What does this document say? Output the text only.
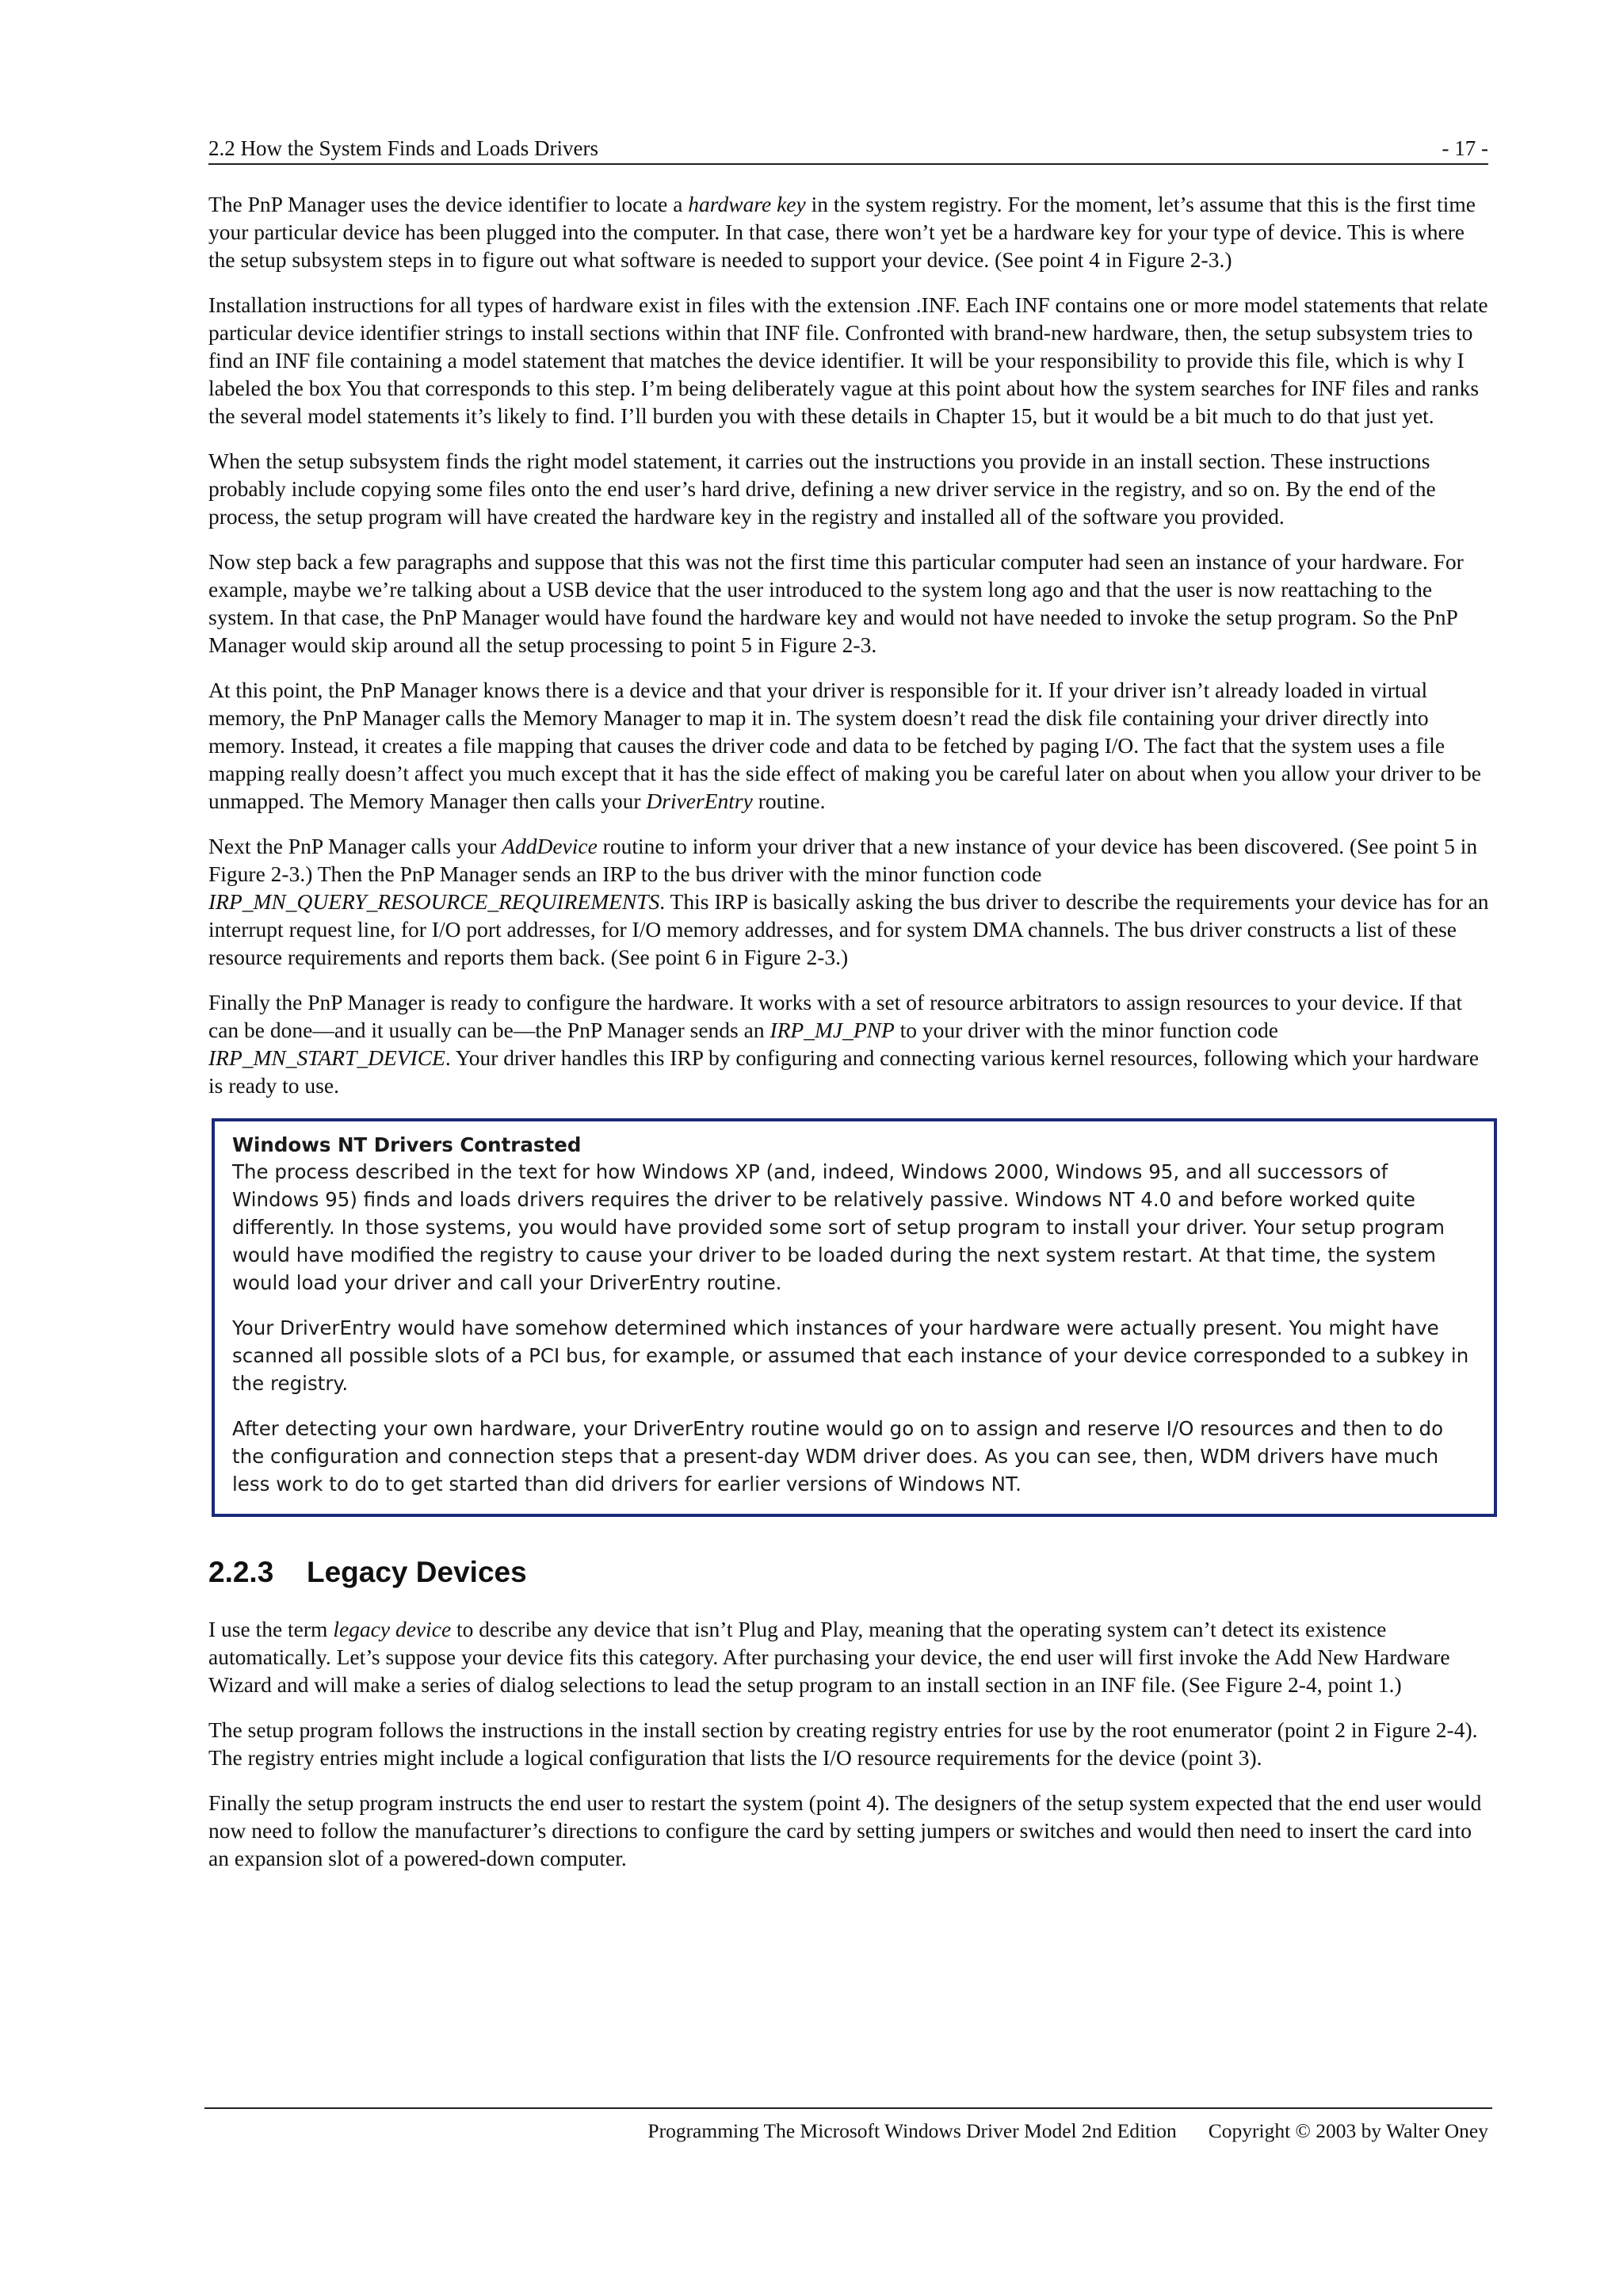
2.2 How the System Finds and Loads Drivers	- 17 -

The PnP Manager uses the device identifier to locate a hardware key in the system registry. For the moment, let’s assume that this is the first time your particular device has been plugged into the computer. In that case, there won’t yet be a hardware key for your type of device. This is where the setup subsystem steps in to figure out what software is needed to support your device. (See point 4 in Figure 2-3.)

Installation instructions for all types of hardware exist in files with the extension .INF. Each INF contains one or more model statements that relate particular device identifier strings to install sections within that INF file. Confronted with brand-new hardware, then, the setup subsystem tries to find an INF file containing a model statement that matches the device identifier. It will be your responsibility to provide this file, which is why I labeled the box You that corresponds to this step. I’m being deliberately vague at this point about how the system searches for INF files and ranks the several model statements it’s likely to find. I’ll burden you with these details in Chapter 15, but it would be a bit much to do that just yet.

When the setup subsystem finds the right model statement, it carries out the instructions you provide in an install section. These instructions probably include copying some files onto the end user’s hard drive, defining a new driver service in the registry, and so on. By the end of the process, the setup program will have created the hardware key in the registry and installed all of the software you provided.

Now step back a few paragraphs and suppose that this was not the first time this particular computer had seen an instance of your hardware. For example, maybe we’re talking about a USB device that the user introduced to the system long ago and that the user is now reattaching to the system. In that case, the PnP Manager would have found the hardware key and would not have needed to invoke the setup program. So the PnP Manager would skip around all the setup processing to point 5 in Figure 2-3.

At this point, the PnP Manager knows there is a device and that your driver is responsible for it. If your driver isn’t already loaded in virtual memory, the PnP Manager calls the Memory Manager to map it in. The system doesn’t read the disk file containing your driver directly into memory. Instead, it creates a file mapping that causes the driver code and data to be fetched by paging I/O. The fact that the system uses a file mapping really doesn’t affect you much except that it has the side effect of making you be careful later on about when you allow your driver to be unmapped. The Memory Manager then calls your DriverEntry routine.

Next the PnP Manager calls your AddDevice routine to inform your driver that a new instance of your device has been discovered. (See point 5 in Figure 2-3.) Then the PnP Manager sends an IRP to the bus driver with the minor function code IRP_MN_QUERY_RESOURCE_REQUIREMENTS. This IRP is basically asking the bus driver to describe the requirements your device has for an interrupt request line, for I/O port addresses, for I/O memory addresses, and for system DMA channels. The bus driver constructs a list of these resource requirements and reports them back. (See point 6 in Figure 2-3.)

Finally the PnP Manager is ready to configure the hardware. It works with a set of resource arbitrators to assign resources to your device. If that can be done—and it usually can be—the PnP Manager sends an IRP_MJ_PNP to your driver with the minor function code IRP_MN_START_DEVICE. Your driver handles this IRP by configuring and connecting various kernel resources, following which your hardware is ready to use.

Windows NT Drivers Contrasted

The process described in the text for how Windows XP (and, indeed, Windows 2000, Windows 95, and all successors of Windows 95) finds and loads drivers requires the driver to be relatively passive. Windows NT 4.0 and before worked quite differently. In those systems, you would have provided some sort of setup program to install your driver. Your setup program would have modified the registry to cause your driver to be loaded during the next system restart. At that time, the system would load your driver and call your DriverEntry routine.

Your DriverEntry would have somehow determined which instances of your hardware were actually present. You might have scanned all possible slots of a PCI bus, for example, or assumed that each instance of your device corresponded to a subkey in the registry.

After detecting your own hardware, your DriverEntry routine would go on to assign and reserve I/O resources and then to do the configuration and connection steps that a present-day WDM driver does. As you can see, then, WDM drivers have much less work to do to get started than did drivers for earlier versions of Windows NT.

2.2.3 Legacy Devices

I use the term legacy device to describe any device that isn’t Plug and Play, meaning that the operating system can’t detect its existence automatically. Let’s suppose your device fits this category. After purchasing your device, the end user will first invoke the Add New Hardware Wizard and will make a series of dialog selections to lead the setup program to an install section in an INF file. (See Figure 2-4, point 1.)

The setup program follows the instructions in the install section by creating registry entries for use by the root enumerator (point 2 in Figure 2-4). The registry entries might include a logical configuration that lists the I/O resource requirements for the device (point 3).

Finally the setup program instructs the end user to restart the system (point 4). The designers of the setup system expected that the end user would now need to follow the manufacturer’s directions to configure the card by setting jumpers or switches and would then need to insert the card into an expansion slot of a powered-down computer.

Programming The Microsoft Windows Driver Model 2nd Edition Copyright © 2003 by Walter Oney
